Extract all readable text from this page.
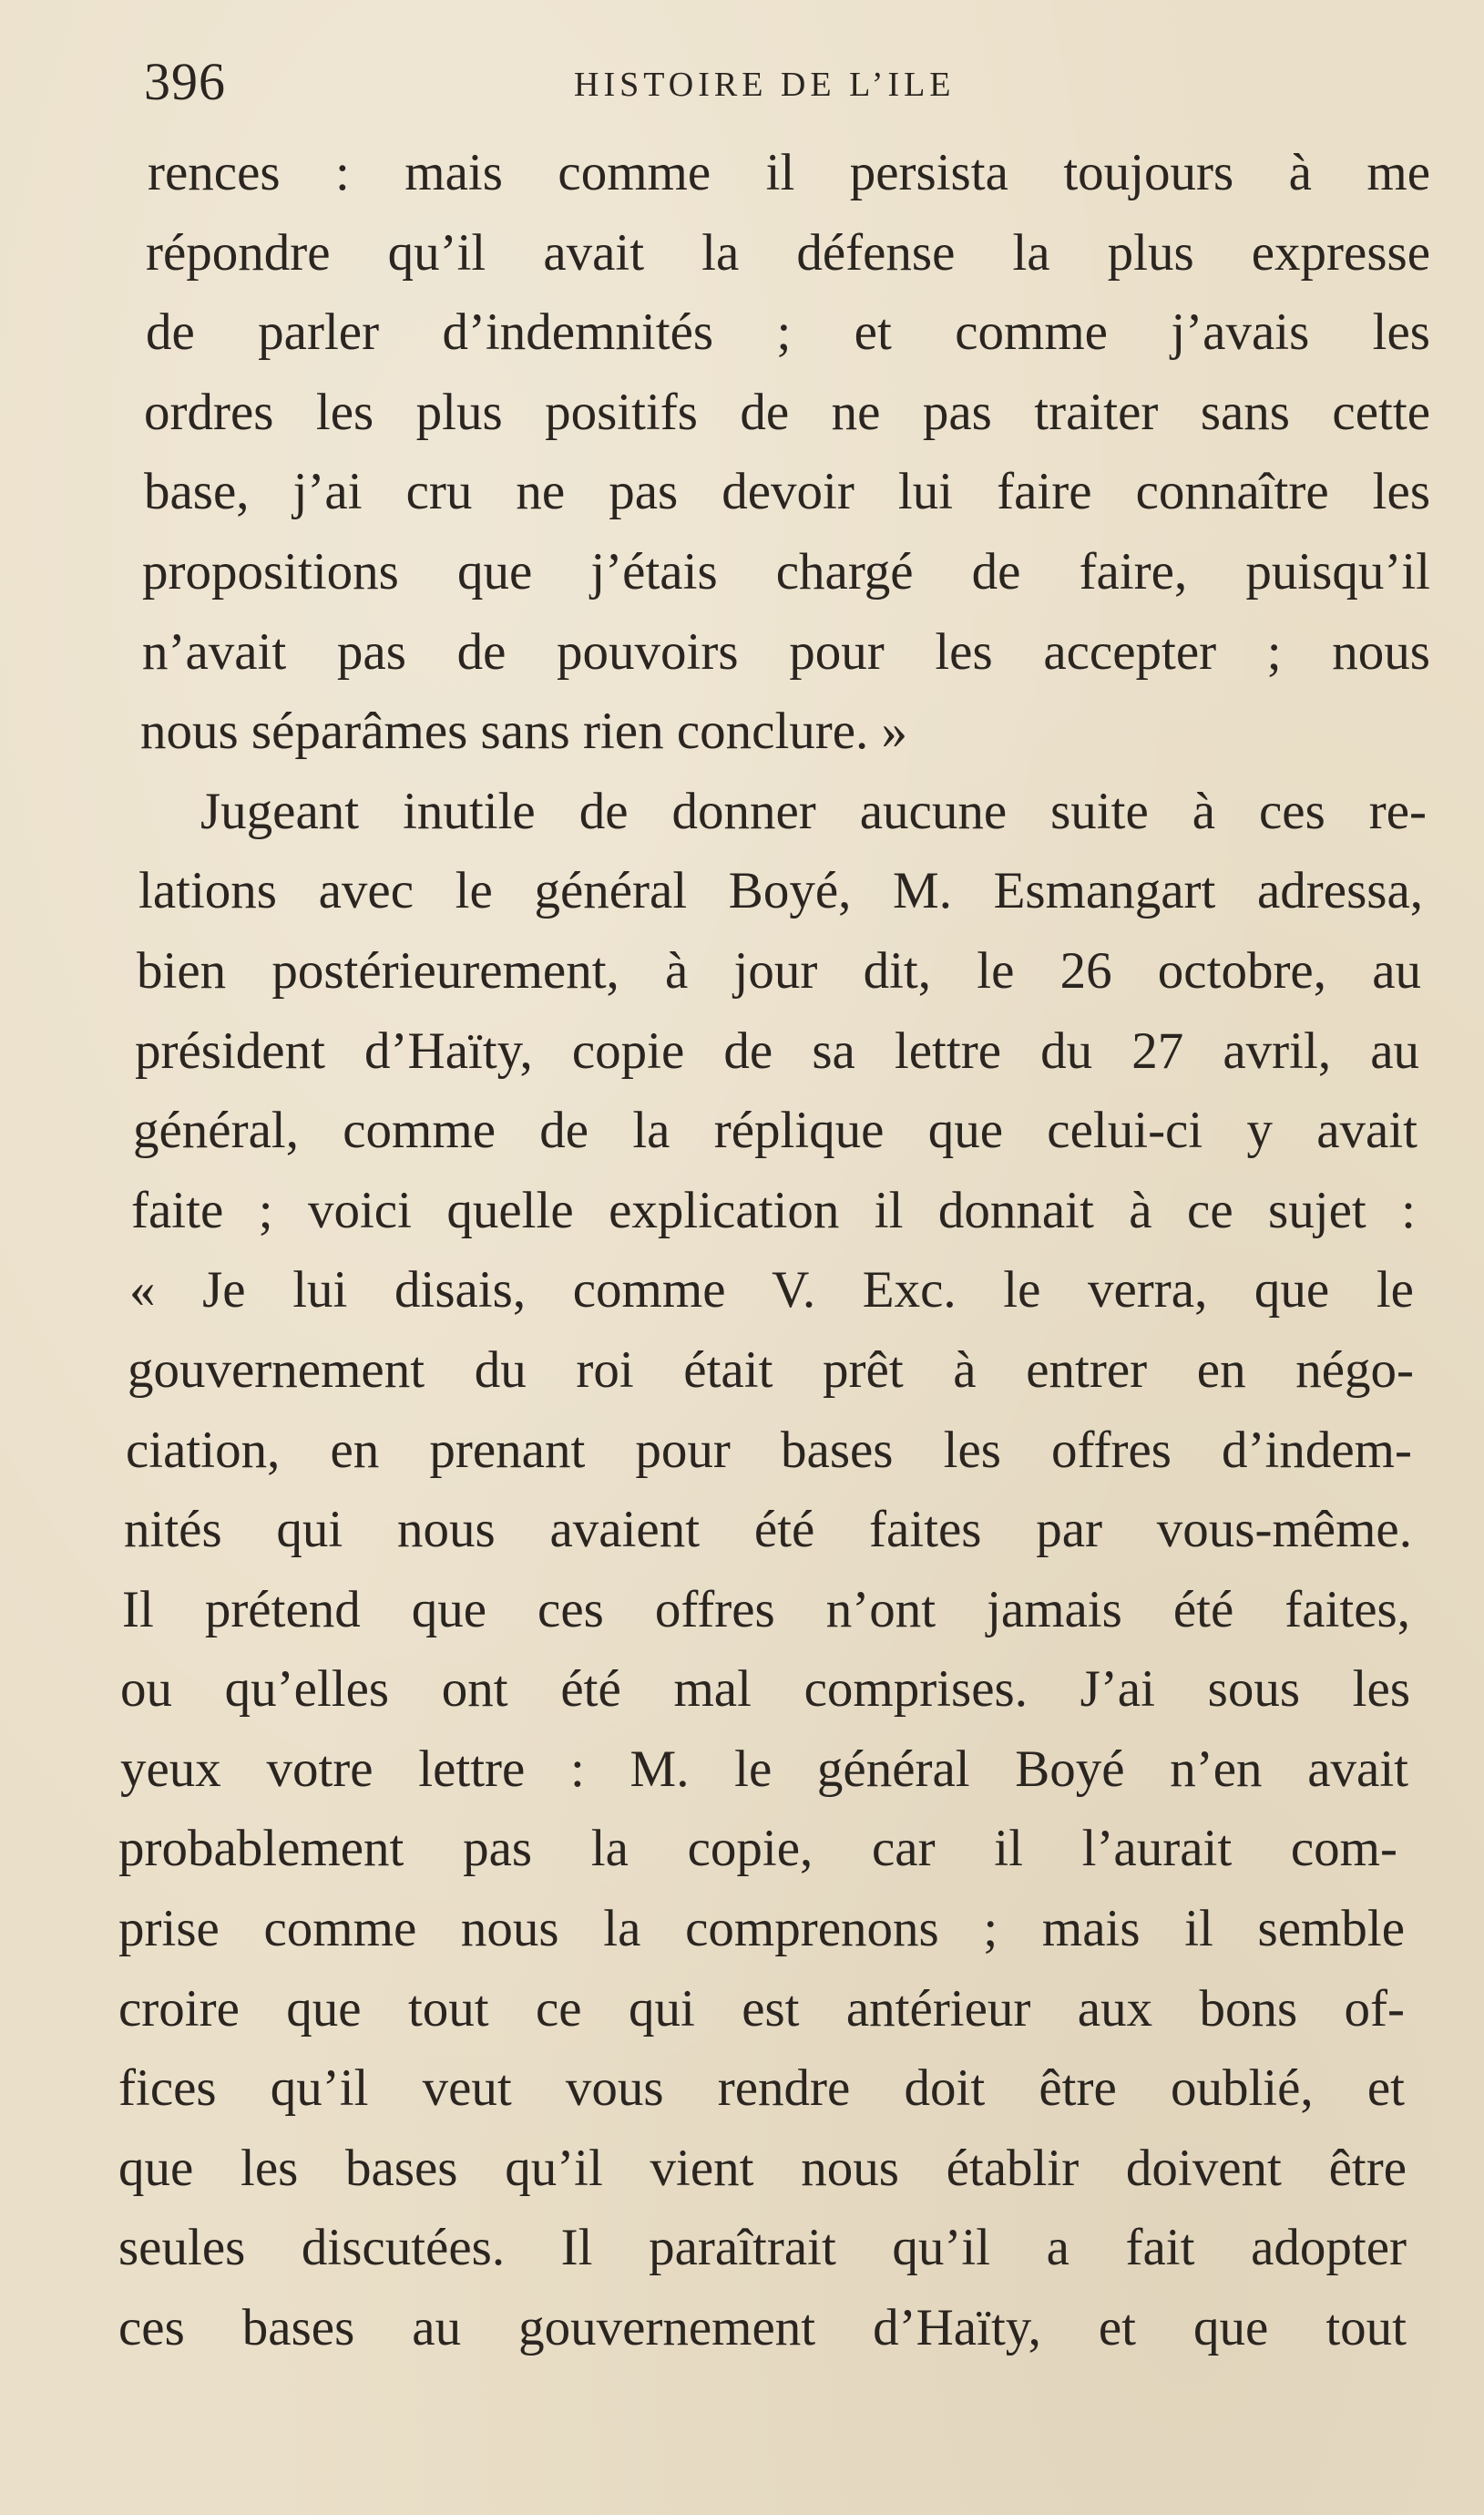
396	HISTOIRE DE L’ILE
rences : mais comme il persista toujours à me
répondre qu’il avait la défense la plus expresse
de parler d’indemnités ; et comme j’avais les
ordres les plus positifs de ne pas traiter sans cette
base, j’ai cru ne pas devoir lui faire connaître les
propositions que j’étais chargé de faire, puisqu’il
n’avait pas de pouvoirs pour les accepter ; nous
nous séparâmes sans rien conclure. »
Jugeant inutile de donner aucune suite à ces re-
lations avec le général Boyé, M. Esmangart adressa,
bien postérieurement, à jour dit, le 26 octobre, au
président d’Haïty, copie de sa lettre du 27 avril, au
général, comme de la réplique que celui-ci y avait
faite ; voici quelle explication il donnait à ce sujet :
« Je lui disais, comme V. Exc. le verra, que le
gouvernement du roi était prêt à entrer en négo-
ciation, en prenant pour bases les offres d’indem-
nités qui nous avaient été faites par vous-même.
Il prétend que ces offres n’ont jamais été faites,
ou qu’elles ont été mal comprises. J’ai sous les
yeux votre lettre : M. le général Boyé n’en avait
probablement pas la copie, car il l’aurait com-
prise comme nous la comprenons ; mais il semble
croire que tout ce qui est antérieur aux bons of-
fices qu’il veut vous rendre doit être oublié, et
que les bases qu’il vient nous établir doivent être
seules discutées. Il paraîtrait qu’il a fait adopter
ces bases au gouvernement d’Haïty, et que tout
